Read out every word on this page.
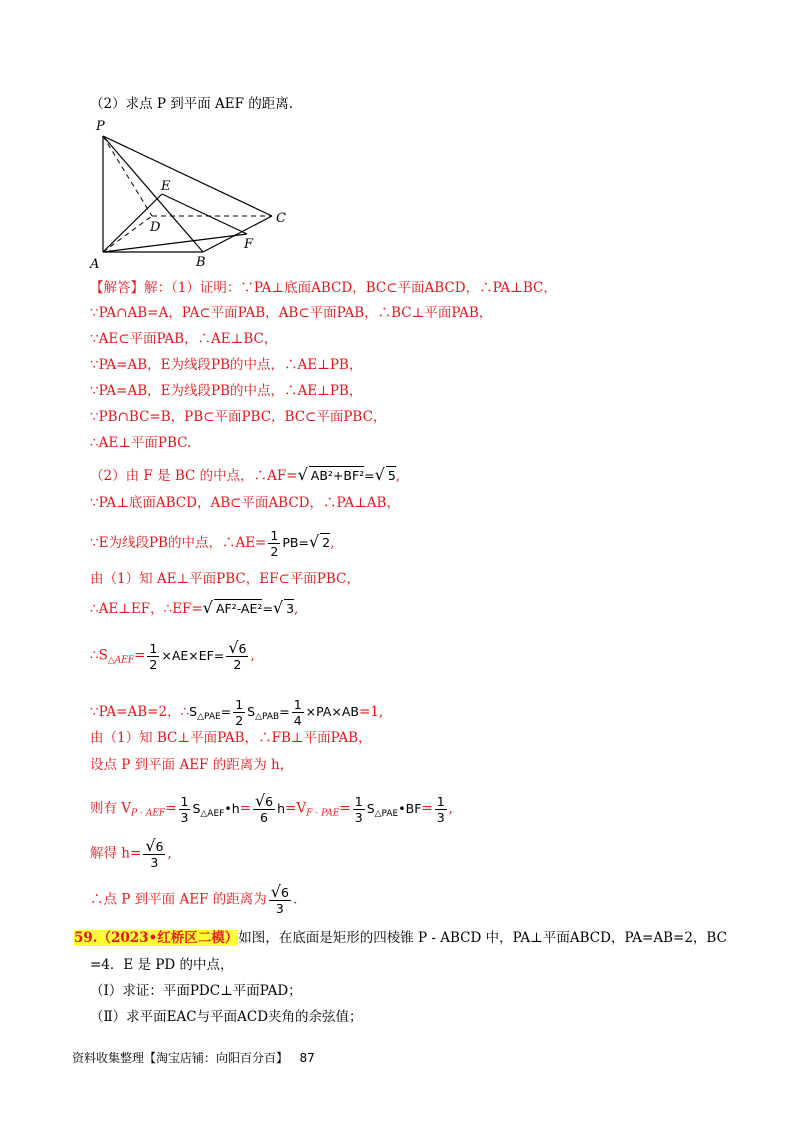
（2）求点 P 到平面 AEF 的距离.
P
E
D
C
F
A	B
【解答】解：（1）证明：∵PA⊥底面ABCD，BC⊂平面ABCD，∴PA⊥BC，
∵PA∩AB=A，PA⊂平面PAB，AB⊂平面PAB，∴BC⊥平面PAB，
∵AE⊂平面PAB，∴AE⊥BC，
∵PA=AB，E为线段PB的中点，∴AE⊥PB，
∵PA=AB，E为线段PB的中点，∴AE⊥PB，
∵PB∩BC=B，PB⊂平面PBC，BC⊂平面PBC，
∴AE⊥平面PBC.
（2）由 F 是 BC 的中点，∴AF=√ AB²+BF²=√ 5,
∵PA⊥底面ABCD，AB⊂平面ABCD，∴PA⊥AB，
∵E为线段PB的中点，∴AE= $\frac{1}{2} PB=√$ 2,
由（1）知 AE⊥平面PBC，EF⊂平面PBC，
∴AE⊥EF，∴EF=√ AF²-AE²=√ 3,
$\therefore S_{\triangle AEF}= \frac{1}{2} \times AE\times EF= \frac{√6}{2}$ ,
∵PA=AB=2，$\therefore S_{\triangle PAE}= \frac{1}{2} S_{\triangle PAB}= \frac{1}{4} \times PA\times AB=1$,
由（1）知 BC⊥平面PAB，∴FB⊥平面PAB，
设点 P 到平面 AEF 的距离为 h，
则有 $V_{P - AEF}= \frac{1}{3}$ $S_{\triangle AEF}•h= \frac{√6}{6} h=V_{F - PAE}= \frac{1}{3}$ $S_{\triangle PAE}•BF= \frac{1}{3}$ ,
解得 $h= \frac{√6}{3}$ ,
∴点 P 到平面 AEF 的距离为 $\frac{√6}{3}$ .
59.（2023•红桥区二模）如图，在底面是矩形的四棱锥 P - ABCD 中，PA⊥平面ABCD，PA=AB=2，BC
=4．E 是 PD 的中点，
（Ⅰ）求证：平面PDC⊥平面PAD；
（Ⅱ）求平面EAC与平面ACD夹角的余弦值；
资料收集整理【淘宝店铺：向阳百分百】 87
